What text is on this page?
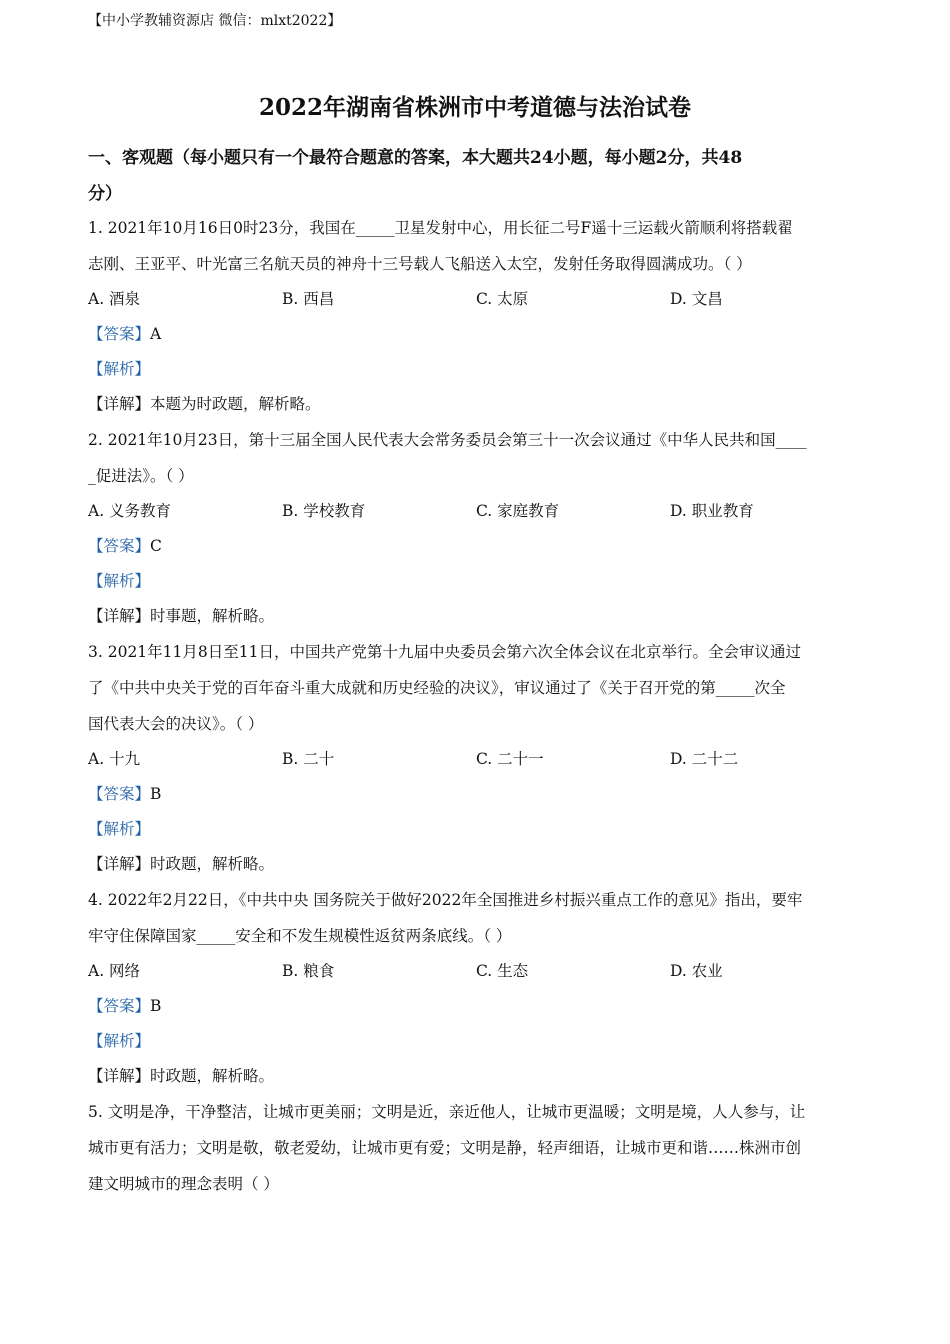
【中小学教辅资源店 微信：mlxt2022】
2022年湖南省株洲市中考道德与法治试卷
一、客观题（每小题只有一个最符合题意的答案，本大题共24小题，每小题2分，共48
分）
1. 2021年10月16日0时23分，我国在_____卫星发射中心，用长征二号F遥十三运载火箭顺利将搭载翟
志刚、王亚平、叶光富三名航天员的神舟十三号载人飞船送入太空，发射任务取得圆满成功。（ ）
A. 酒泉	B. 西昌	C. 太原	D. 文昌
【答案】A
【解析】
【详解】本题为时政题，解析略。
2. 2021年10月23日，第十三届全国人民代表大会常务委员会第三十一次会议通过《中华人民共和国____
_促进法》。（ ）
A. 义务教育	B. 学校教育	C. 家庭教育	D. 职业教育
【答案】C
【解析】
【详解】时事题，解析略。
3. 2021年11月8日至11日，中国共产党第十九届中央委员会第六次全体会议在北京举行。全会审议通过
了《中共中央关于党的百年奋斗重大成就和历史经验的决议》，审议通过了《关于召开党的第_____次全
国代表大会的决议》。（ ）
A. 十九	B. 二十	C. 二十一	D. 二十二
【答案】B
【解析】
【详解】时政题，解析略。
4. 2022年2月22日，《中共中央 国务院关于做好2022年全国推进乡村振兴重点工作的意见》指出，要牢
牢守住保障国家_____安全和不发生规模性返贫两条底线。（ ）
A. 网络	B. 粮食	C. 生态	D. 农业
【答案】B
【解析】
【详解】时政题，解析略。
5. 文明是净，干净整洁，让城市更美丽；文明是近，亲近他人，让城市更温暖；文明是境，人人参与，让
城市更有活力；文明是敬，敬老爱幼，让城市更有爱；文明是静，轻声细语，让城市更和谐……株洲市创
建文明城市的理念表明（ ）
